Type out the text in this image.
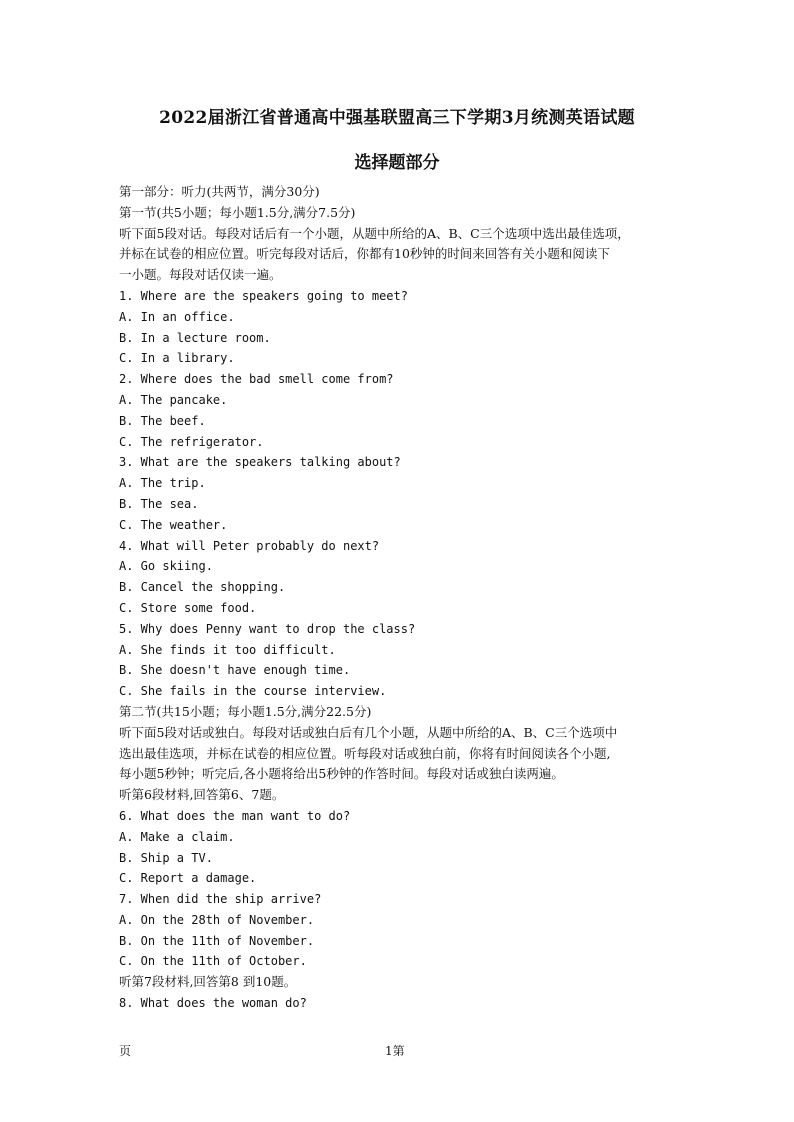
2022届浙江省普通高中强基联盟高三下学期3月统测英语试题
选择题部分
第一部分：听力(共两节，满分30分)
第一节(共5小题；每小题1.5分,满分7.5分)
听下面5段对话。每段对话后有一个小题，从题中所给的A、B、C三个选项中选出最佳选项，
并标在试卷的相应位置。听完每段对话后，你都有10秒钟的时间来回答有关小题和阅读下
一小题。每段对话仅读一遍。
1. Where are the speakers going to meet?
A. In an office.
B. In a lecture room.
C. In a library.
2. Where does the bad smell come from?
A. The pancake.
B. The beef.
C. The refrigerator.
3. What are the speakers talking about?
A. The trip.
B. The sea.
C. The weather.
4. What will Peter probably do next?
A. Go skiing.
B. Cancel the shopping.
C. Store some food.
5. Why does Penny want to drop the class?
A. She finds it too difficult.
B. She doesn't have enough time.
C. She fails in the course interview.
第二节(共15小题；每小题1.5分,满分22.5分)
听下面5段对话或独白。每段对话或独白后有几个小题，从题中所给的A、B、C三个选项中
选出最佳选项，并标在试卷的相应位置。听每段对话或独白前，你将有时间阅读各个小题,
每小题5秒钟；听完后,各小题将给出5秒钟的作答时间。每段对话或独白读两遍。
听第6段材料,回答第6、7题。
6. What does the man want to do?
A. Make a claim.
B. Ship a TV.
C. Report a damage.
7. When did the ship arrive?
A. On the 28th of November.
B. On the 11th of November.
C. On the 11th of October.
听第7段材料,回答第8 到10题。
8. What does the woman do?
页	1第
